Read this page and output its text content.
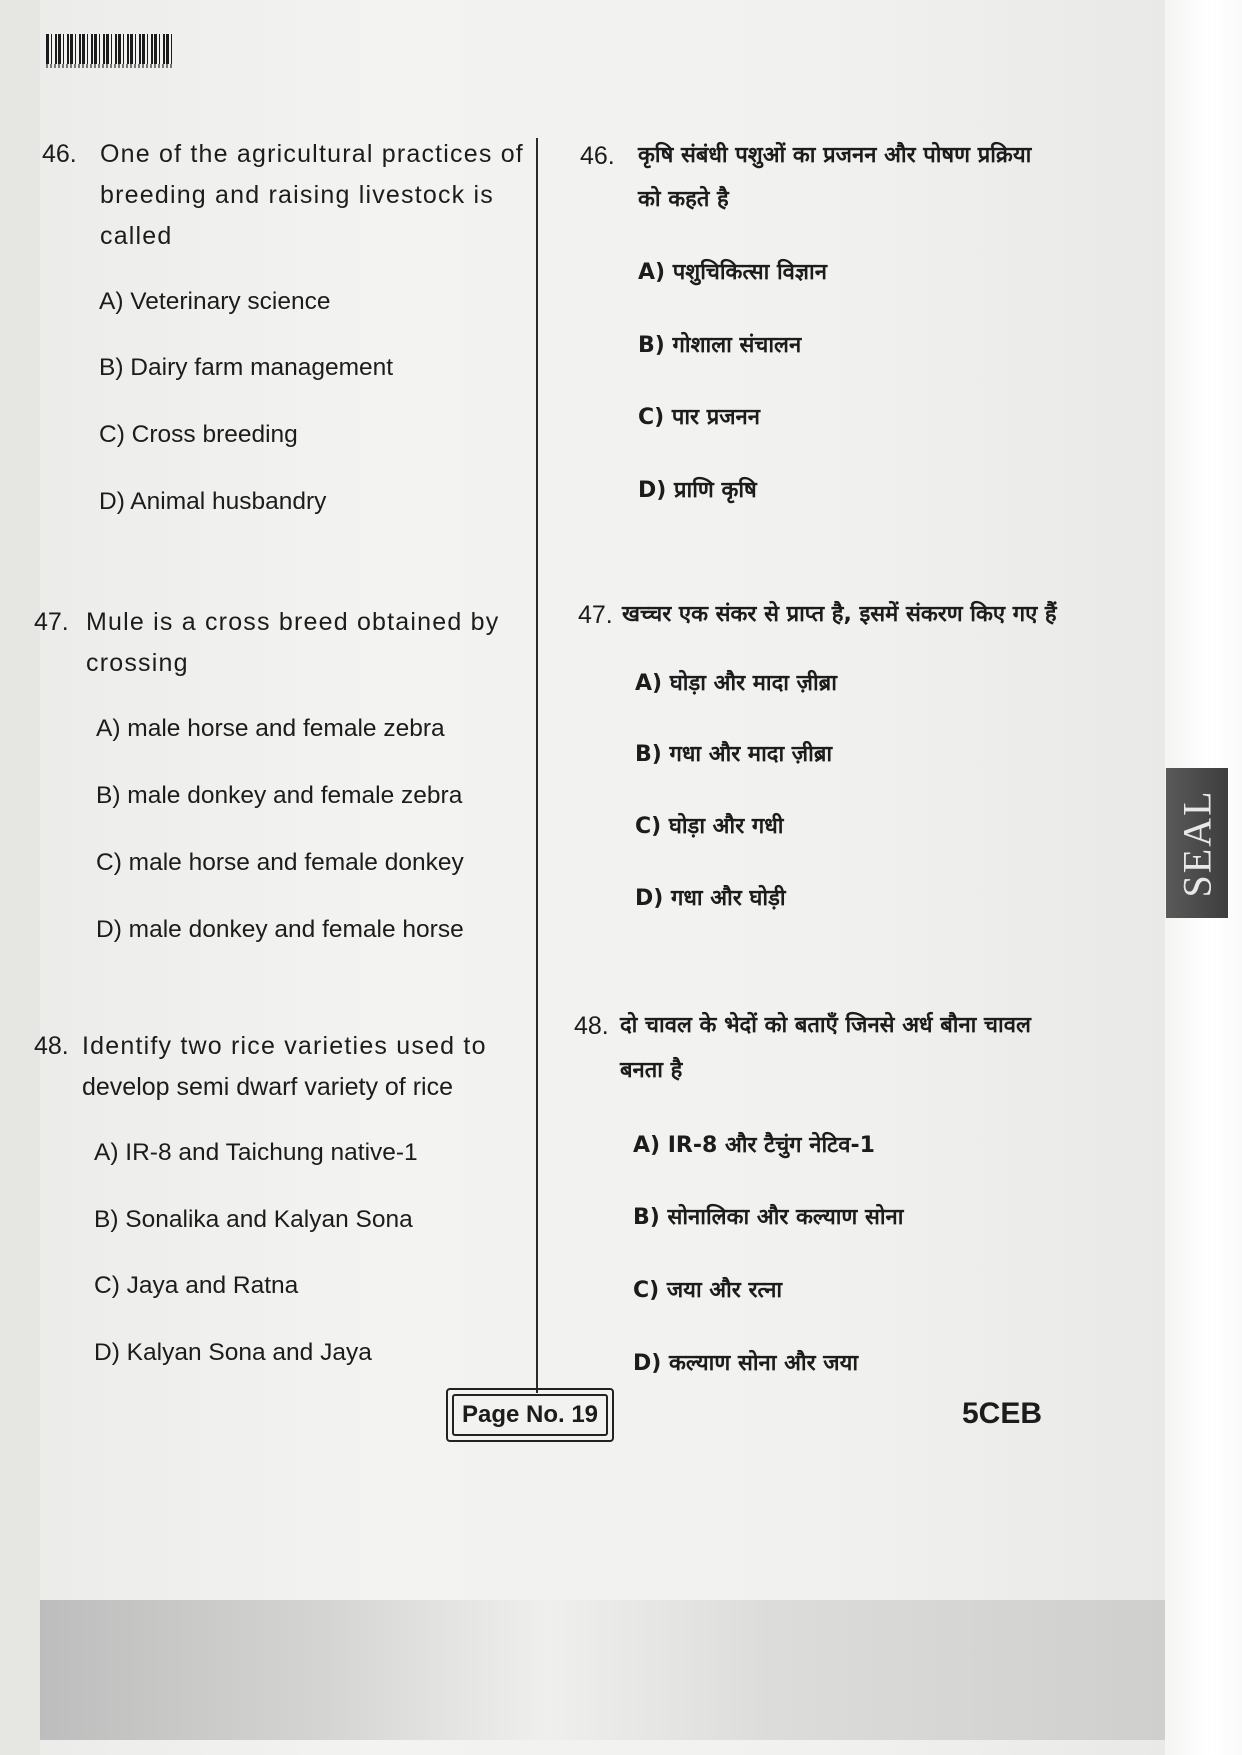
SEAL
46. One of the agricultural practices of
breeding and raising livestock is
called
A) Veterinary science
B) Dairy farm management
C) Cross breeding
D) Animal husbandry
47. Mule is a cross breed obtained by
crossing
A) male horse and female zebra
B) male donkey and female zebra
C) male horse and female donkey
D) male donkey and female horse
48. Identify two rice varieties used to
develop semi dwarf variety of rice
A) IR-8 and Taichung native-1
B) Sonalika and Kalyan Sona
C) Jaya and Ratna
D) Kalyan Sona and Jaya
46. कृषि संबंधी पशुओं का प्रजनन और पोषण प्रक्रिया
को कहते है
A) पशुचिकित्सा विज्ञान
B) गोशाला संचालन
C) पार प्रजनन
D) प्राणि कृषि
47. खच्चर एक संकर से प्राप्त है, इसमें संकरण किए गए हैं
A) घोड़ा और मादा ज़ीब्रा
B) गधा और मादा ज़ीब्रा
C) घोड़ा और गधी
D) गधा और घोड़ी
48. दो चावल के भेदों को बताएँ जिनसे अर्ध बौना चावल
बनता है
A) IR-8 और टैचुंग नेटिव-1
B) सोनालिका और कल्याण सोना
C) जया और रत्ना
D) कल्याण सोना और जया
Page No. 19	5CEB
